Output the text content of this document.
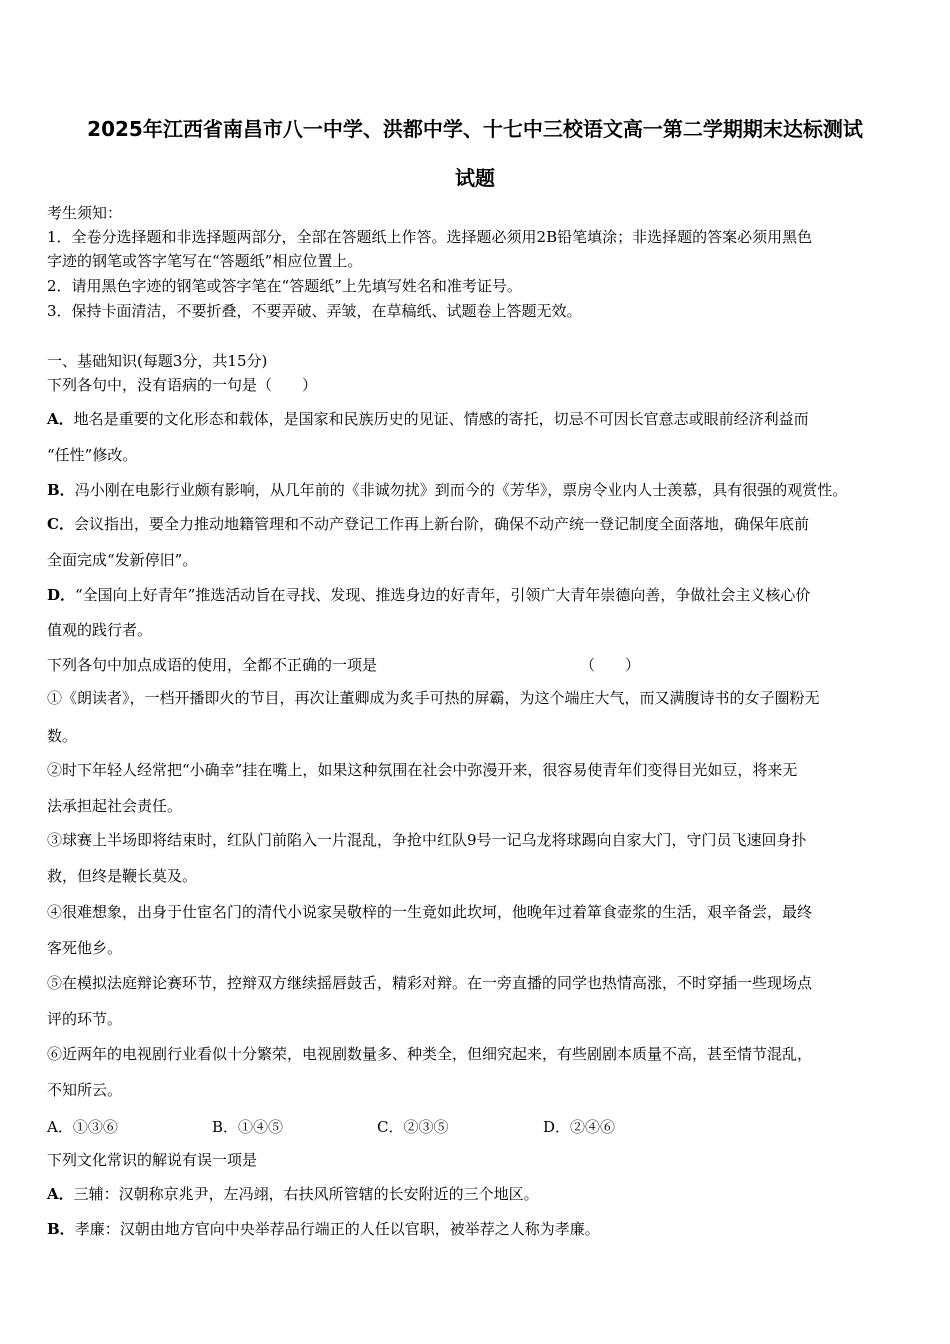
2025年江西省南昌市八一中学、洪都中学、十七中三校语文高一第二学期期末达标测试
试题
考生须知：
1．全卷分选择题和非选择题两部分，全部在答题纸上作答。选择题必须用2B铅笔填涂；非选择题的答案必须用黑色
字迹的钢笔或答字笔写在“答题纸”相应位置上。
2．请用黑色字迹的钢笔或答字笔在“答题纸”上先填写姓名和准考证号。
3．保持卡面清洁，不要折叠，不要弄破、弄皱，在草稿纸、试题卷上答题无效。
一、基础知识(每题3分，共15分)
下列各句中，没有语病的一句是（　　）
A．地名是重要的文化形态和载体，是国家和民族历史的见证、情感的寄托，切忌不可因长官意志或眼前经济利益而
“任性”修改。
B．冯小刚在电影行业颇有影响，从几年前的《非诚勿扰》到而今的《芳华》，票房令业内人士羡慕，具有很强的观赏性。
C．会议指出，要全力推动地籍管理和不动产登记工作再上新台阶，确保不动产统一登记制度全面落地，确保年底前
全面完成“发新停旧”。
D．“全国向上好青年”推选活动旨在寻找、发现、推选身边的好青年，引领广大青年崇德向善，争做社会主义核心价
值观的践行者。
下列各句中加点成语的使用，全都不正确的一项是	（　　）
①《朗读者》，一档开播即火的节目，再次让董卿成为炙手可热的屏霸，为这个端庄大气，而又满腹诗书的女子圈粉无
数。
②时下年轻人经常把“小确幸”挂在嘴上，如果这种氛围在社会中弥漫开来，很容易使青年们变得目光如豆，将来无
法承担起社会责任。
③球赛上半场即将结束时，红队门前陷入一片混乱，争抢中红队9号一记乌龙将球踢向自家大门，守门员飞速回身扑
救，但终是鞭长莫及。
④很难想象，出身于仕宦名门的清代小说家吴敬梓的一生竟如此坎坷，他晚年过着箪食壶浆的生活，艰辛备尝，最终
客死他乡。
⑤在模拟法庭辩论赛环节，控辩双方继续摇唇鼓舌，精彩对辩。在一旁直播的同学也热情高涨，不时穿插一些现场点
评的环节。
⑥近两年的电视剧行业看似十分繁荣，电视剧数量多、种类全，但细究起来，有些剧剧本质量不高，甚至情节混乱，
不知所云。
A．①③⑥	B．①④⑤	C．②③⑤	D．②④⑥
下列文化常识的解说有误一项是
A．三辅：汉朝称京兆尹，左冯翊，右扶风所管辖的长安附近的三个地区。
B．孝廉：汉朝由地方官向中央举荐品行端正的人任以官职，被举荐之人称为孝廉。
